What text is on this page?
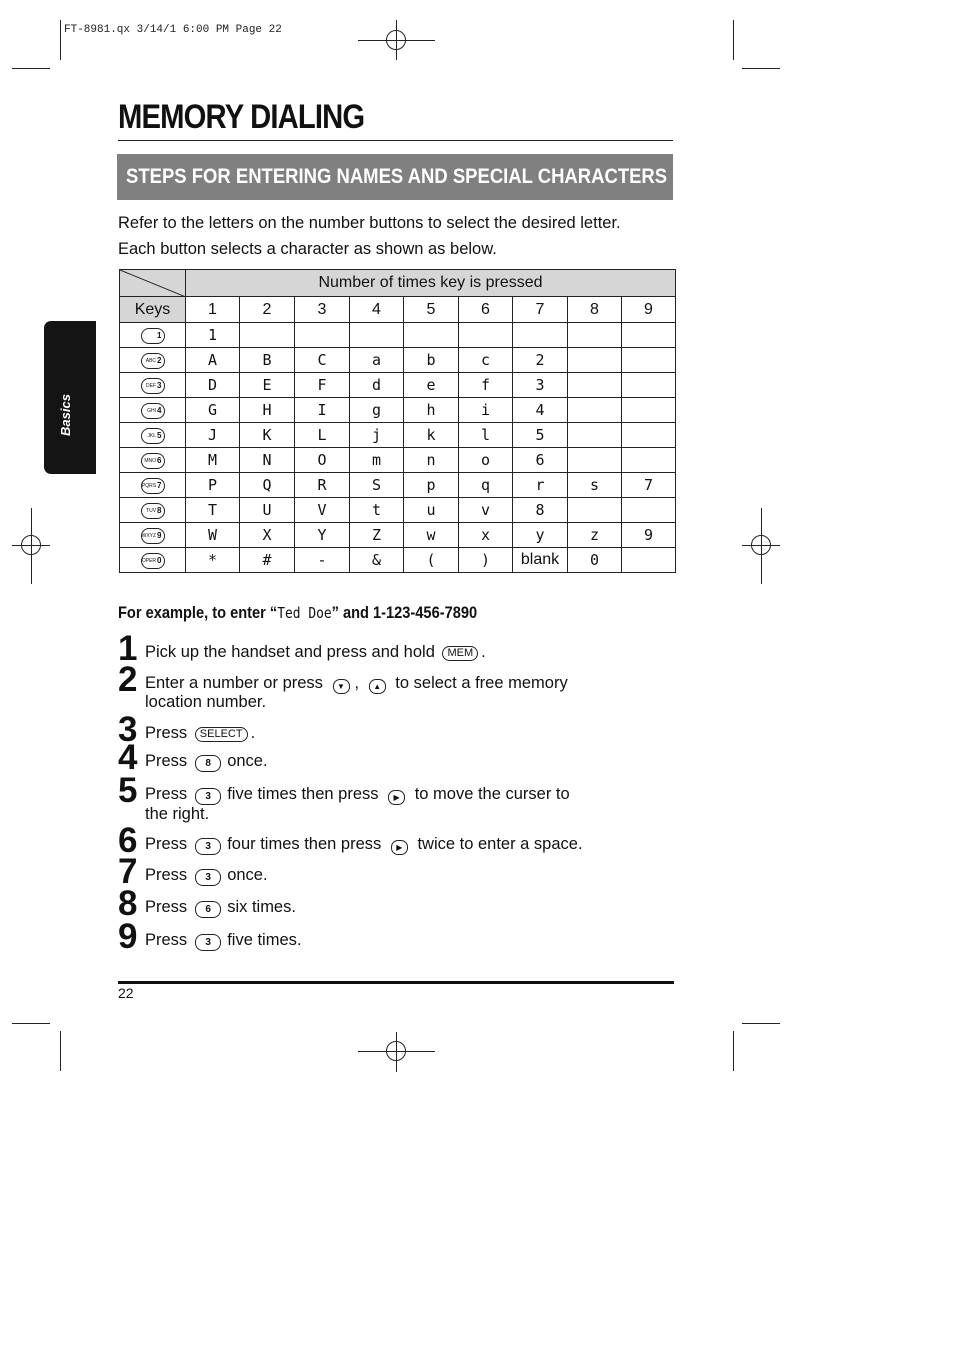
FT-8981.qx 3/14/1 6:00 PM Page 22
Basics
MEMORY DIALING
STEPS FOR ENTERING NAMES AND SPECIAL CHARACTERS
Refer to the letters on the number buttons to select the desired letter.
Each button selects a character as shown as below.
	Number of times key is pressed								
Keys	1	2	3	4	5	6	7	8	9
1	1								
$^{ABC}$2	A	B	C	a	b	c	2		
$^{DEF}$3	D	E	F	d	e	f	3		
$^{GHI}$4	G	H	I	g	h	i	4		
$^{JKL}$5	J	K	L	j	k	l	5		
$^{MNO}$6	M	N	O	m	n	o	6		
$^{PQRS}$7	P	Q	R	S	p	q	r	s	7
$^{TUV}$8	T	U	V	t	u	v	8		
$^{WXYZ}$9	W	X	Y	Z	w	x	y	z	9
$^{OPER}$0	*	#	-	&	(	)	blank	0	
For example, to enter “Ted Doe” and 1-123-456-7890
1 Pick up the handset and press and hold MEM .
2 Enter a number or press ▼ , ▲ to select a free memory
location number.
3 Press SELECT .
4 Press 8 once.
5 Press 3 five times then press ▶ to move the curser to
the right.
6 Press 3 four times then press ▶ twice to enter a space.
7 Press 3 once.
8 Press 6 six times.
9 Press 3 five times.
22
